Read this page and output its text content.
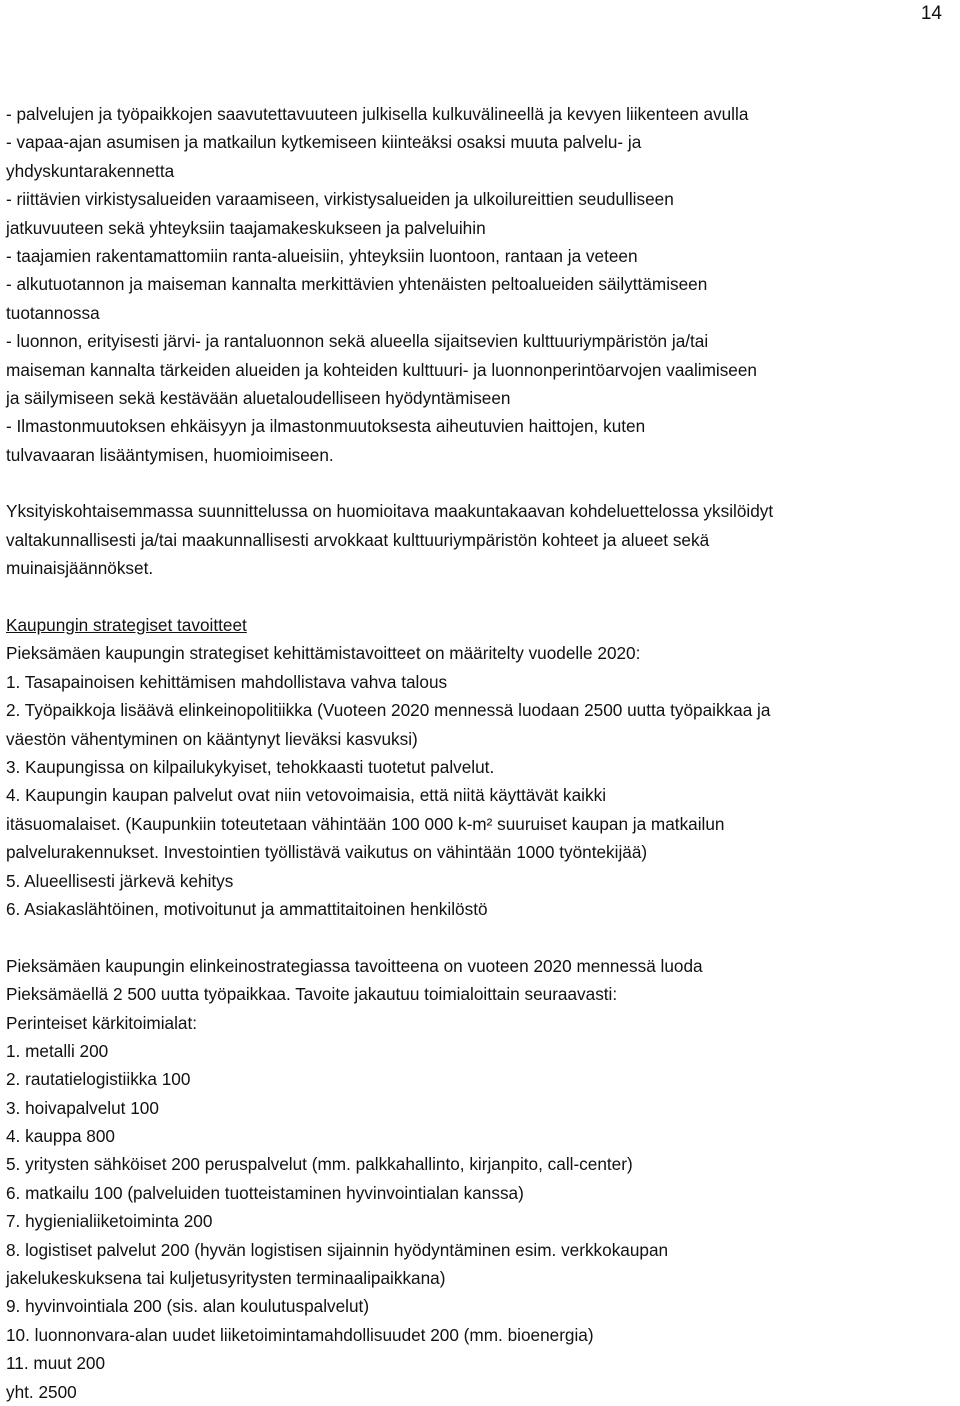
14
- palvelujen ja työpaikkojen saavutettavuuteen julkisella kulkuvälineellä ja kevyen liikenteen avulla
- vapaa-ajan asumisen ja matkailun kytkemiseen kiinteäksi osaksi muuta palvelu- ja
yhdyskuntarakennetta
- riittävien virkistysalueiden varaamiseen, virkistysalueiden ja ulkoilureittien seudulliseen
jatkuvuuteen sekä yhteyksiin taajamakeskukseen ja palveluihin
- taajamien rakentamattomiin ranta-alueisiin, yhteyksiin luontoon, rantaan ja veteen
- alkutuotannon ja maiseman kannalta merkittävien yhtenäisten peltoalueiden säilyttämiseen
tuotannossa
- luonnon, erityisesti järvi- ja rantaluonnon sekä alueella sijaitsevien kulttuuriympäristön ja/tai
maiseman kannalta tärkeiden alueiden ja kohteiden kulttuuri- ja luonnonperintöarvojen vaalimiseen
ja säilymiseen sekä kestävään aluetaloudelliseen hyödyntämiseen
- Ilmastonmuutoksen ehkäisyyn ja ilmastonmuutoksesta aiheutuvien haittojen, kuten
tulvavaaran lisääntymisen, huomioimiseen.
Yksityiskohtaisemmassa suunnittelussa on huomioitava maakuntakaavan kohdeluettelossa yksilöidyt
valtakunnallisesti ja/tai maakunnallisesti arvokkaat kulttuuriympäristön kohteet ja alueet sekä
muinaisjäännökset.
Kaupungin strategiset tavoitteet
Pieksämäen kaupungin strategiset kehittämistavoitteet on määritelty vuodelle 2020:
1. Tasapainoisen kehittämisen mahdollistava vahva talous
2. Työpaikkoja lisäävä elinkeinopolitiikka (Vuoteen 2020 mennessä luodaan 2500 uutta työpaikkaa ja
väestön vähentyminen on kääntynyt lieväksi kasvuksi)
3. Kaupungissa on kilpailukykyiset, tehokkaasti tuotetut palvelut.
4. Kaupungin kaupan palvelut ovat niin vetovoimaisia, että niitä käyttävät kaikki
itäsuomalaiset. (Kaupunkiin toteutetaan vähintään 100 000 k-m² suuruiset kaupan ja matkailun
palvelurakennukset. Investointien työllistävä vaikutus on vähintään 1000 työntekijää)
5. Alueellisesti järkevä kehitys
6. Asiakaslähtöinen, motivoitunut ja ammattitaitoinen henkilöstö
Pieksämäen kaupungin elinkeinostrategiassa tavoitteena on vuoteen 2020 mennessä luoda
Pieksämäellä 2 500 uutta työpaikkaa. Tavoite jakautuu toimialoittain seuraavasti:
Perinteiset kärkitoimialat:
1. metalli 200
2. rautatielogistiikka 100
3. hoivapalvelut 100
4. kauppa 800
5. yritysten sähköiset 200 peruspalvelut (mm. palkkahallinto, kirjanpito, call-center)
6. matkailu 100 (palveluiden tuotteistaminen hyvinvointialan kanssa)
7. hygienialiiketoiminta 200
8. logistiset palvelut 200 (hyvän logistisen sijainnin hyödyntäminen esim. verkkokaupan
jakelukeskuksena tai kuljetusyritysten terminaalipaikkana)
9. hyvinvointiala 200 (sis. alan koulutuspalvelut)
10. luonnonvara-alan uudet liiketoimintamahdollisuudet 200 (mm. bioenergia)
11. muut 200
yht. 2500
